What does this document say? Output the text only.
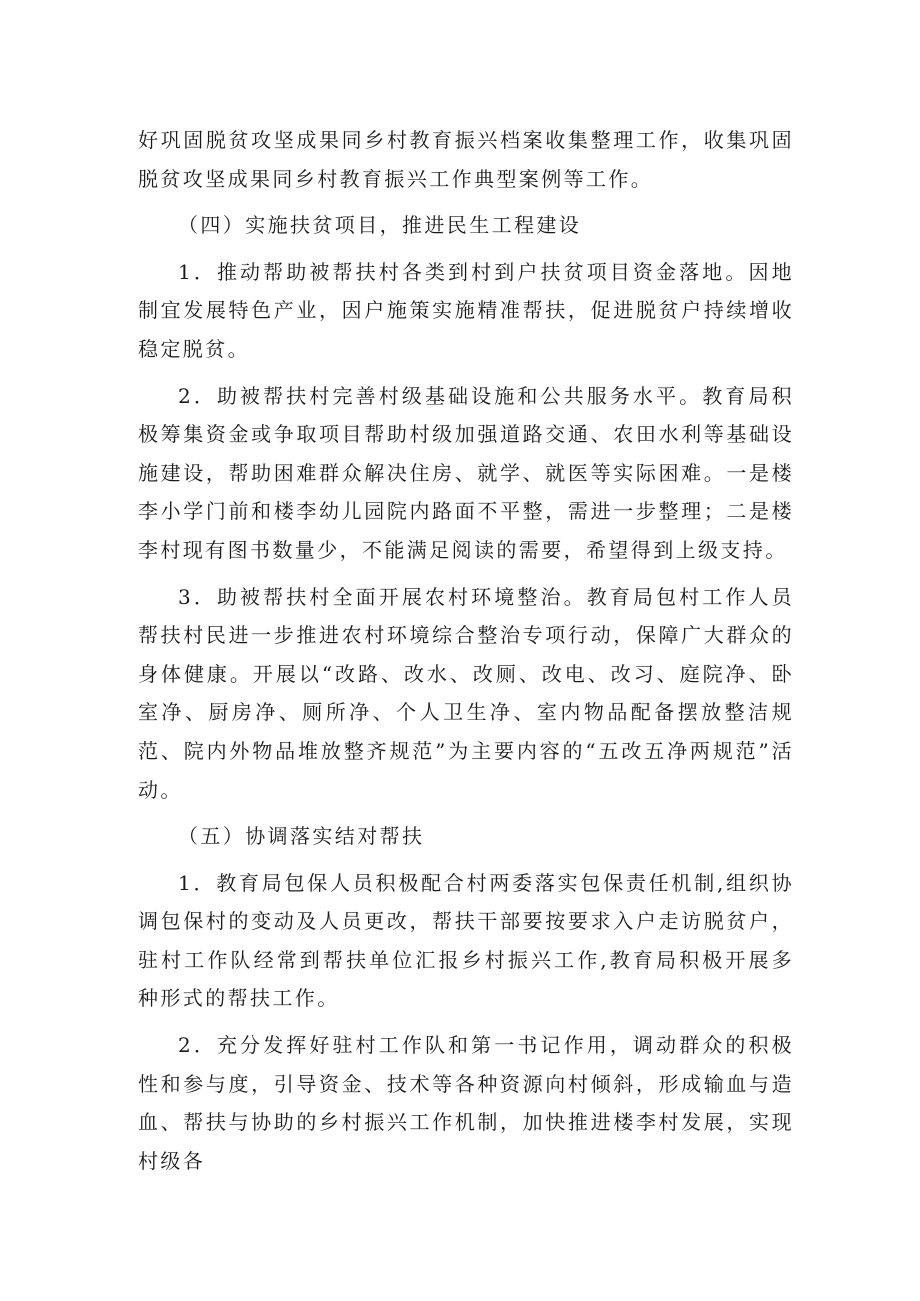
好巩固脱贫攻坚成果同乡村教育振兴档案收集整理工作，收集巩固脱贫攻坚成果同乡村教育振兴工作典型案例等工作。

（四）实施扶贫项目，推进民生工程建设

1．推动帮助被帮扶村各类到村到户扶贫项目资金落地。因地制宜发展特色产业，因户施策实施精准帮扶，促进脱贫户持续增收稳定脱贫。

2．助被帮扶村完善村级基础设施和公共服务水平。教育局积极筹集资金或争取项目帮助村级加强道路交通、农田水利等基础设施建设，帮助困难群众解决住房、就学、就医等实际困难。一是楼李小学门前和楼李幼儿园院内路面不平整，需进一步整理；二是楼李村现有图书数量少，不能满足阅读的需要，希望得到上级支持。

3．助被帮扶村全面开展农村环境整治。教育局包村工作人员帮扶村民进一步推进农村环境综合整治专项行动，保障广大群众的身体健康。开展以“改路、改水、改厕、改电、改习、庭院净、卧室净、厨房净、厕所净、个人卫生净、室内物品配备摆放整洁规范、院内外物品堆放整齐规范”为主要内容的“五改五净两规范”活动。

（五）协调落实结对帮扶

1．教育局包保人员积极配合村两委落实包保责任机制,组织协调包保村的变动及人员更改，帮扶干部要按要求入户走访脱贫户，驻村工作队经常到帮扶单位汇报乡村振兴工作,教育局积极开展多种形式的帮扶工作。

2．充分发挥好驻村工作队和第一书记作用，调动群众的积极性和参与度，引导资金、技术等各种资源向村倾斜，形成输血与造血、帮扶与协助的乡村振兴工作机制，加快推进楼李村发展，实现村级各
